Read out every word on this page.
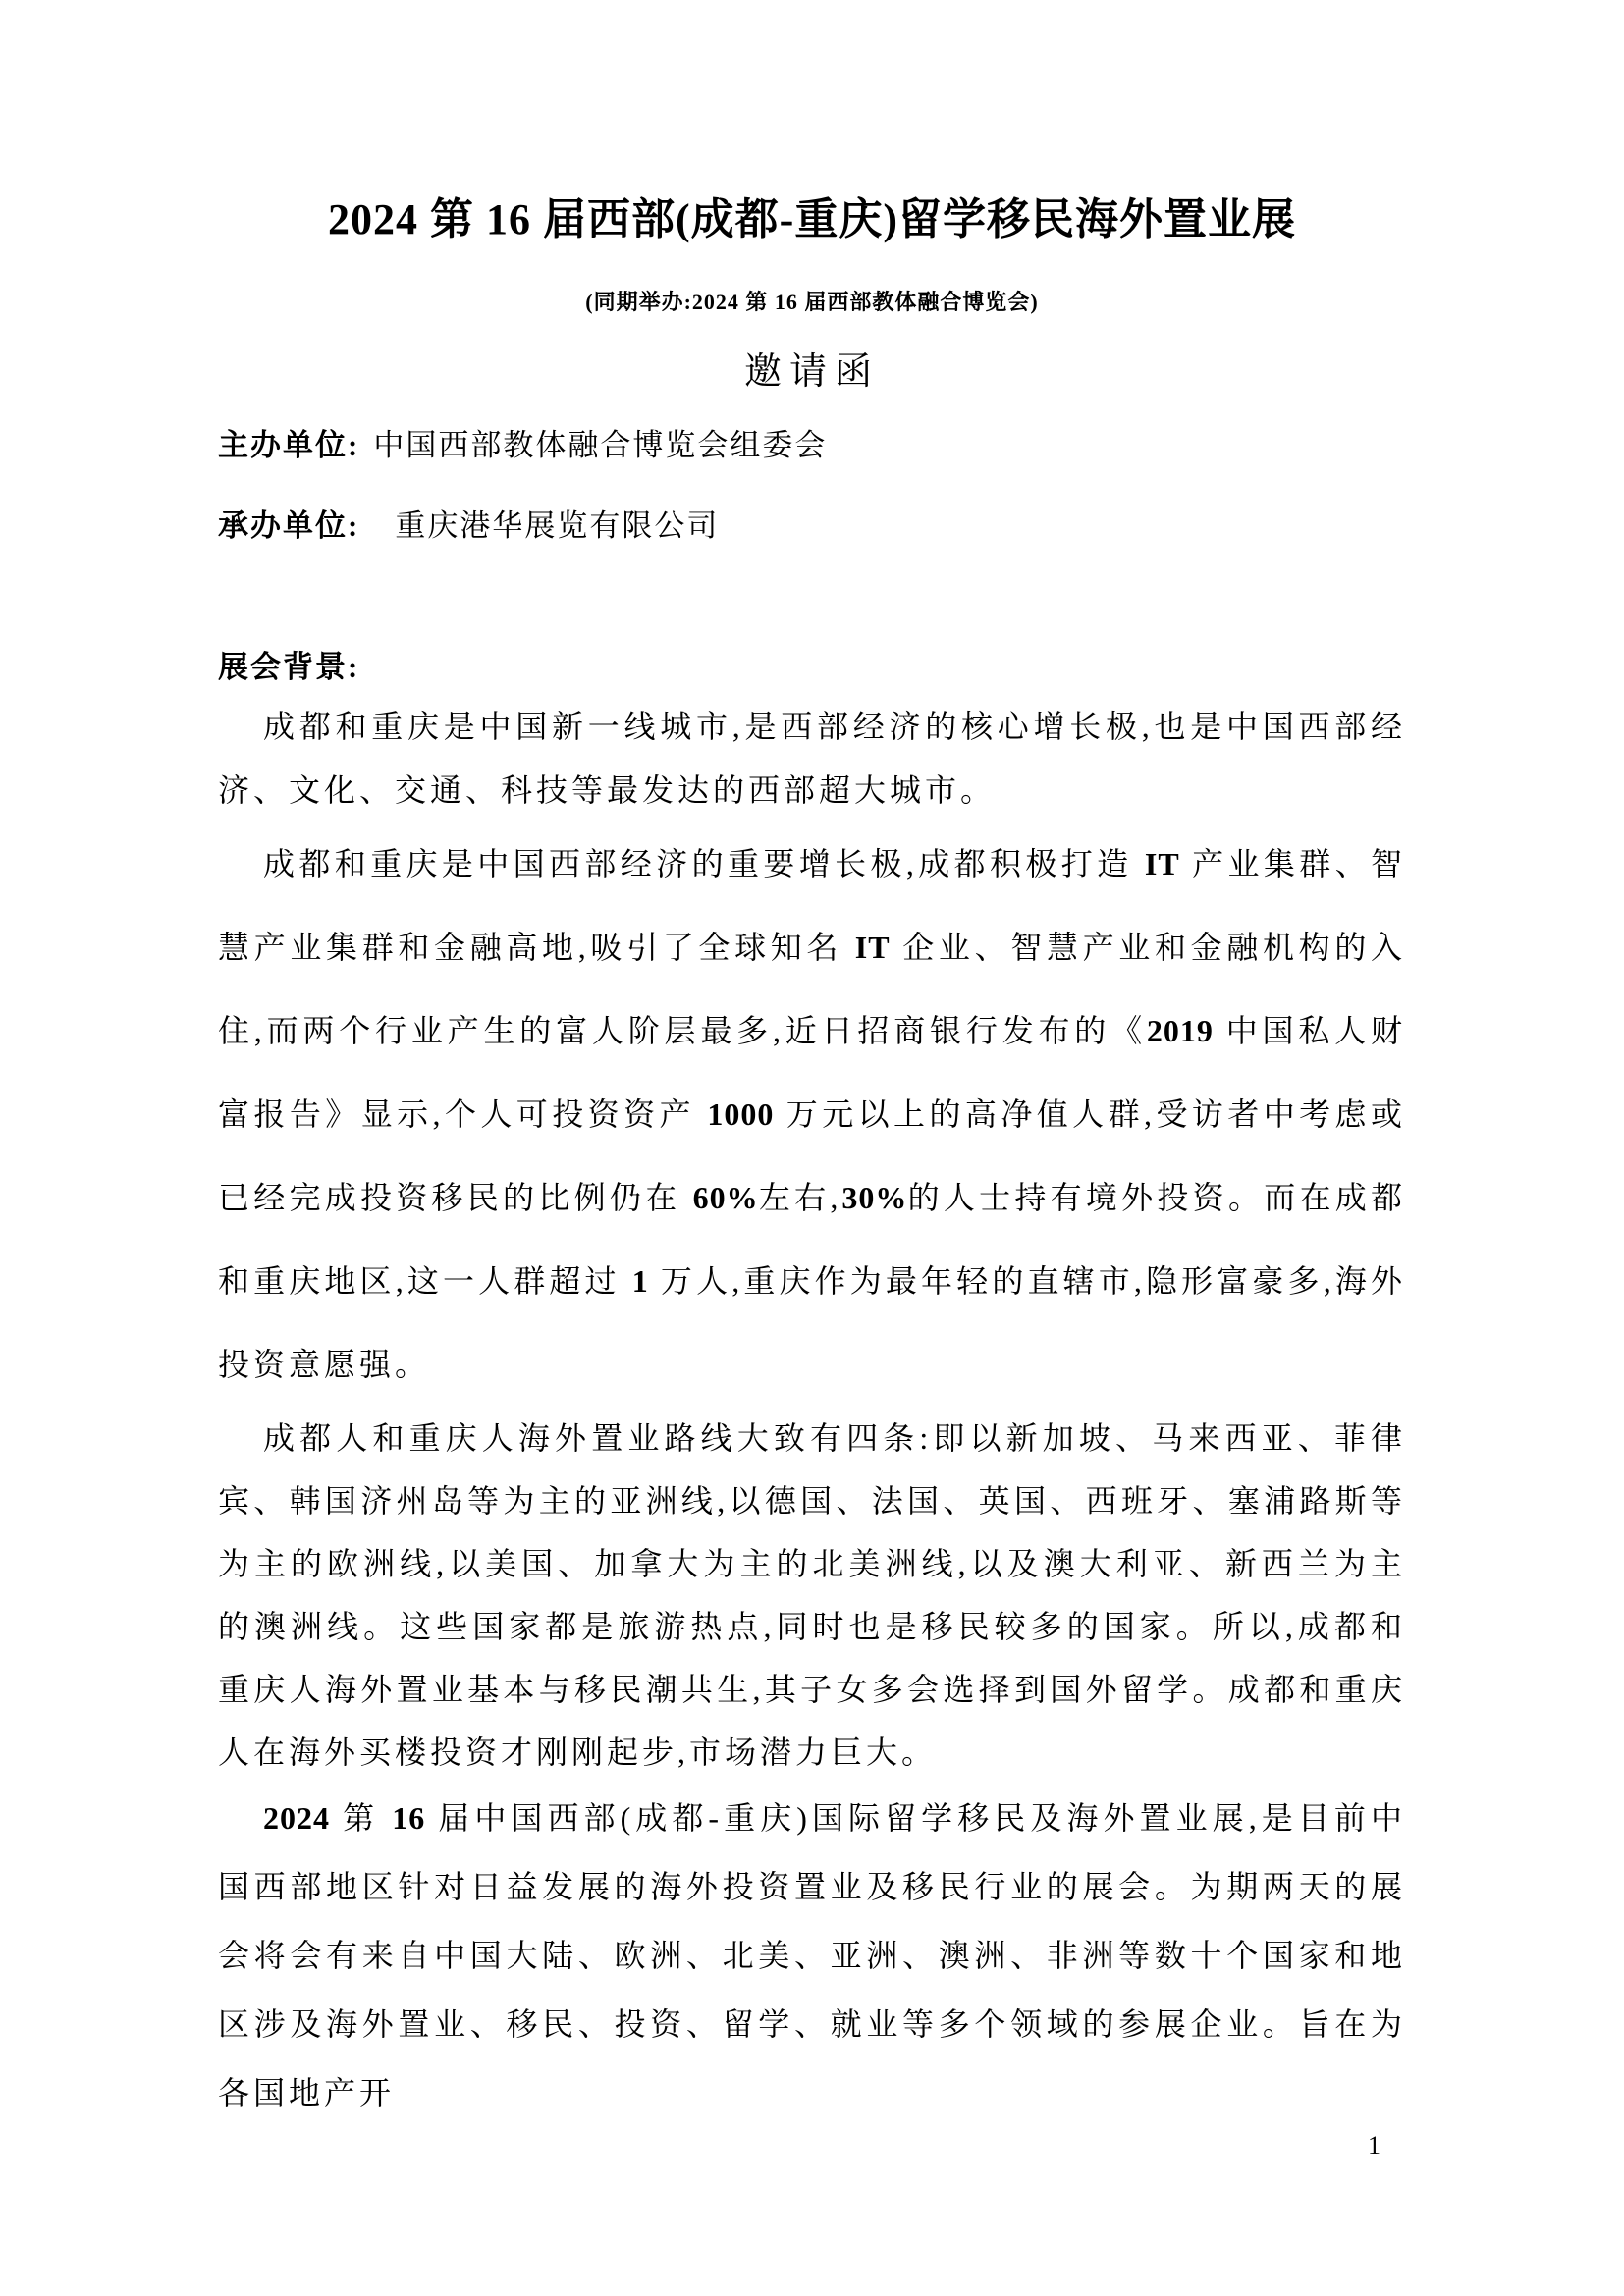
2024 第 16 届西部(成都-重庆)留学移民海外置业展
(同期举办:2024 第 16 届西部教体融合博览会)
邀请函
主办单位: 中国西部教体融合博览会组委会
承办单位: 重庆港华展览有限公司
展会背景:

成都和重庆是中国新一线城市,是西部经济的核心增长极,也是中国西部经济、文化、交通、科技等最发达的西部超大城市。

成都和重庆是中国西部经济的重要增长极,成都积极打造 IT 产业集群、智慧产业集群和金融高地,吸引了全球知名 IT 企业、智慧产业和金融机构的入住,而两个行业产生的富人阶层最多,近日招商银行发布的《2019 中国私人财富报告》显示,个人可投资资产 1000 万元以上的高净值人群,受访者中考虑或已经完成投资移民的比例仍在 60%左右,30%的人士持有境外投资。而在成都和重庆地区,这一人群超过 1 万人,重庆作为最年轻的直辖市,隐形富豪多,海外投资意愿强。

成都人和重庆人海外置业路线大致有四条:即以新加坡、马来西亚、菲律宾、韩国济州岛等为主的亚洲线,以德国、法国、英国、西班牙、塞浦路斯等为主的欧洲线,以美国、加拿大为主的北美洲线,以及澳大利亚、新西兰为主的澳洲线。这些国家都是旅游热点,同时也是移民较多的国家。所以,成都和重庆人海外置业基本与移民潮共生,其子女多会选择到国外留学。成都和重庆人在海外买楼投资才刚刚起步,市场潜力巨大。

2024 第 16 届中国西部(成都-重庆)国际留学移民及海外置业展,是目前中国西部地区针对日益发展的海外投资置业及移民行业的展会。为期两天的展会将会有来自中国大陆、欧洲、北美、亚洲、澳洲、非洲等数十个国家和地区涉及海外置业、移民、投资、留学、就业等多个领域的参展企业。旨在为各国地产开

1
